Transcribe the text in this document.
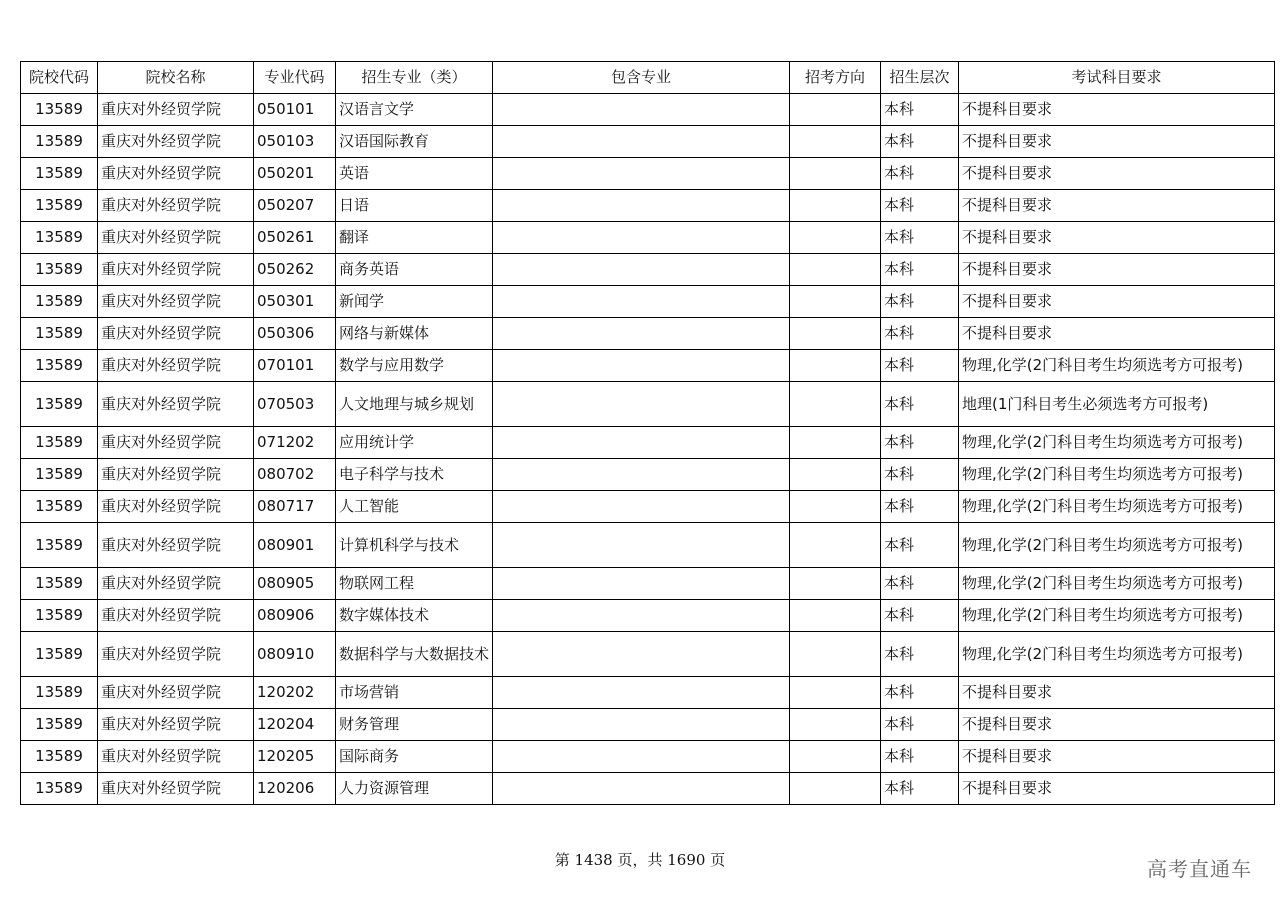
院校代码	院校名称	专业代码	招生专业（类）	包含专业	招考方向	招生层次	考试科目要求
13589	重庆对外经贸学院	050101	汉语言文学			本科	不提科目要求
13589	重庆对外经贸学院	050103	汉语国际教育			本科	不提科目要求
13589	重庆对外经贸学院	050201	英语			本科	不提科目要求
13589	重庆对外经贸学院	050207	日语			本科	不提科目要求
13589	重庆对外经贸学院	050261	翻译			本科	不提科目要求
13589	重庆对外经贸学院	050262	商务英语			本科	不提科目要求
13589	重庆对外经贸学院	050301	新闻学			本科	不提科目要求
13589	重庆对外经贸学院	050306	网络与新媒体			本科	不提科目要求
13589	重庆对外经贸学院	070101	数学与应用数学			本科	物理,化学(2门科目考生均须选考方可报考)
13589	重庆对外经贸学院	070503	人文地理与城乡规划			本科	地理(1门科目考生必须选考方可报考)
13589	重庆对外经贸学院	071202	应用统计学			本科	物理,化学(2门科目考生均须选考方可报考)
13589	重庆对外经贸学院	080702	电子科学与技术			本科	物理,化学(2门科目考生均须选考方可报考)
13589	重庆对外经贸学院	080717	人工智能			本科	物理,化学(2门科目考生均须选考方可报考)
13589	重庆对外经贸学院	080901	计算机科学与技术			本科	物理,化学(2门科目考生均须选考方可报考)
13589	重庆对外经贸学院	080905	物联网工程			本科	物理,化学(2门科目考生均须选考方可报考)
13589	重庆对外经贸学院	080906	数字媒体技术			本科	物理,化学(2门科目考生均须选考方可报考)
13589	重庆对外经贸学院	080910	数据科学与大数据技术			本科	物理,化学(2门科目考生均须选考方可报考)
13589	重庆对外经贸学院	120202	市场营销			本科	不提科目要求
13589	重庆对外经贸学院	120204	财务管理			本科	不提科目要求
13589	重庆对外经贸学院	120205	国际商务			本科	不提科目要求
13589	重庆对外经贸学院	120206	人力资源管理			本科	不提科目要求
第 1438 页，共 1690 页	高考直通车
